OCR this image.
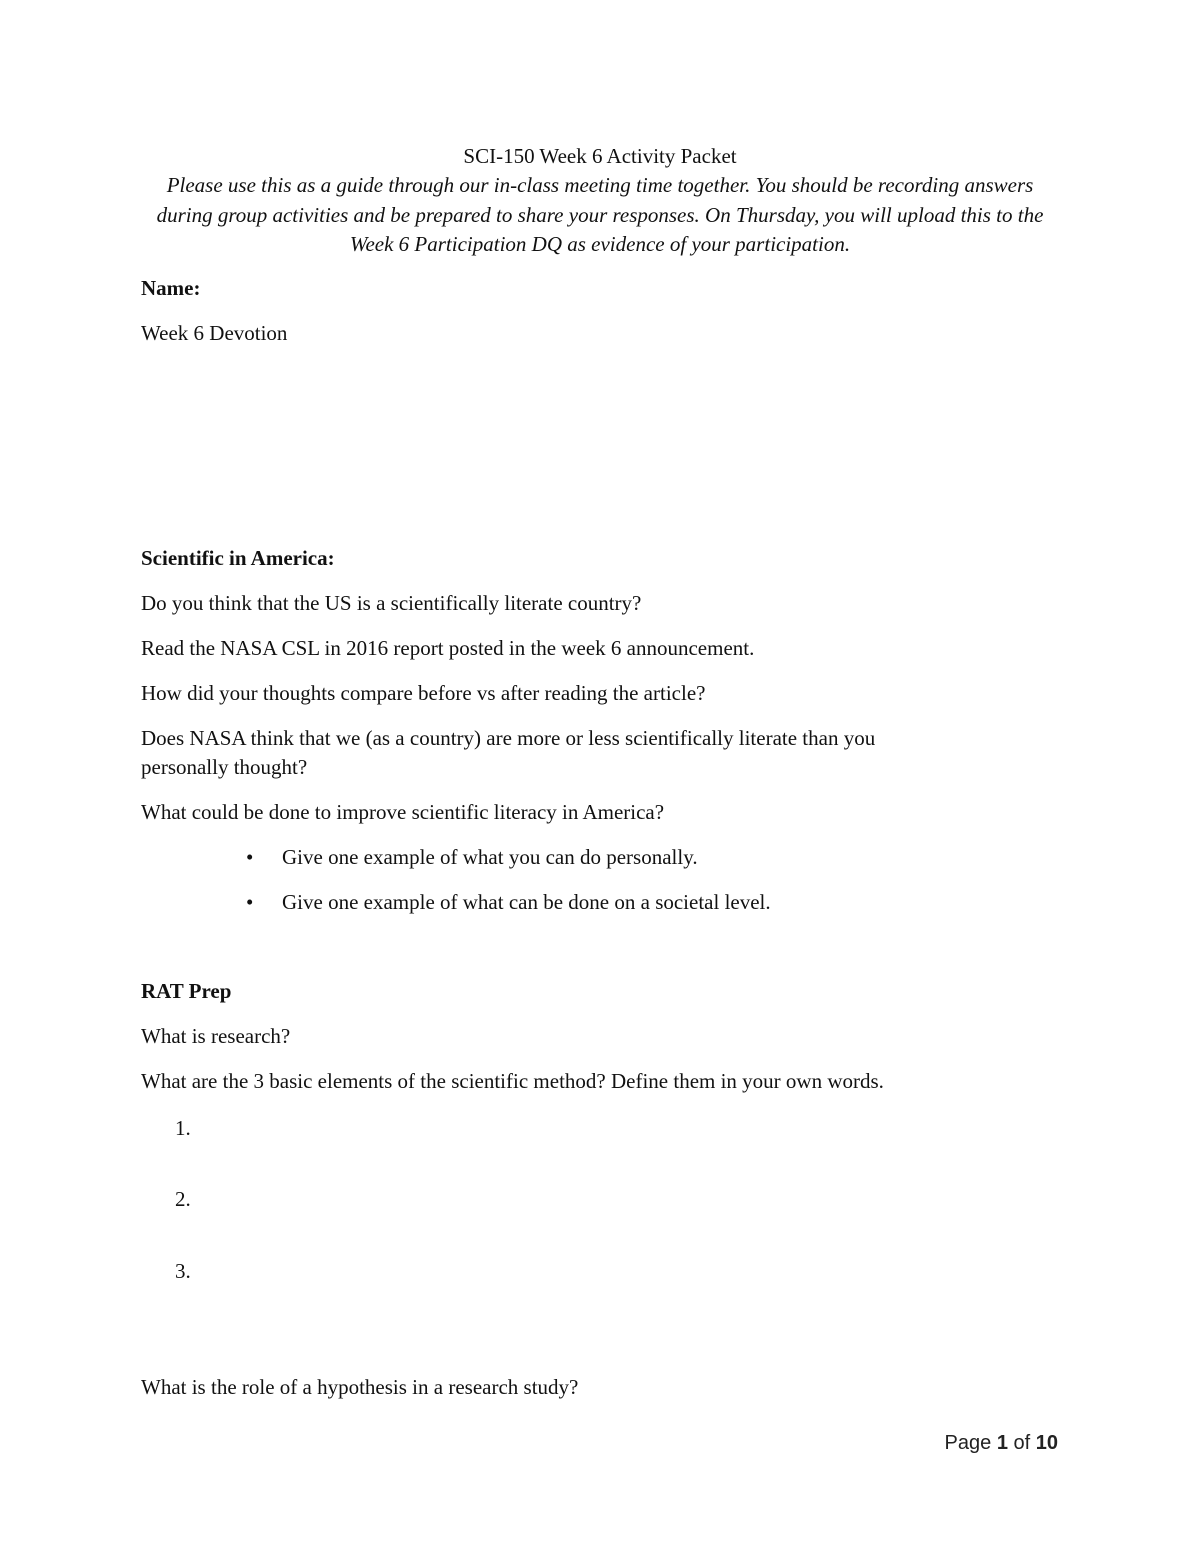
SCI-150 Week 6 Activity Packet
Please use this as a guide through our in-class meeting time together. You should be recording answers during group activities and be prepared to share your responses. On Thursday, you will upload this to the Week 6 Participation DQ as evidence of your participation.
Name:
Week 6 Devotion
Scientific in America:
Do you think that the US is a scientifically literate country?
Read the NASA CSL in 2016 report posted in the week 6 announcement.
How did your thoughts compare before vs after reading the article?
Does NASA think that we (as a country) are more or less scientifically literate than you
personally thought?
What could be done to improve scientific literacy in America?
• Give one example of what you can do personally.
• Give one example of what can be done on a societal level.
RAT Prep
What is research?
What are the 3 basic elements of the scientific method? Define them in your own words.
1.
2.
3.
What is the role of a hypothesis in a research study?
Page 1 of 10
